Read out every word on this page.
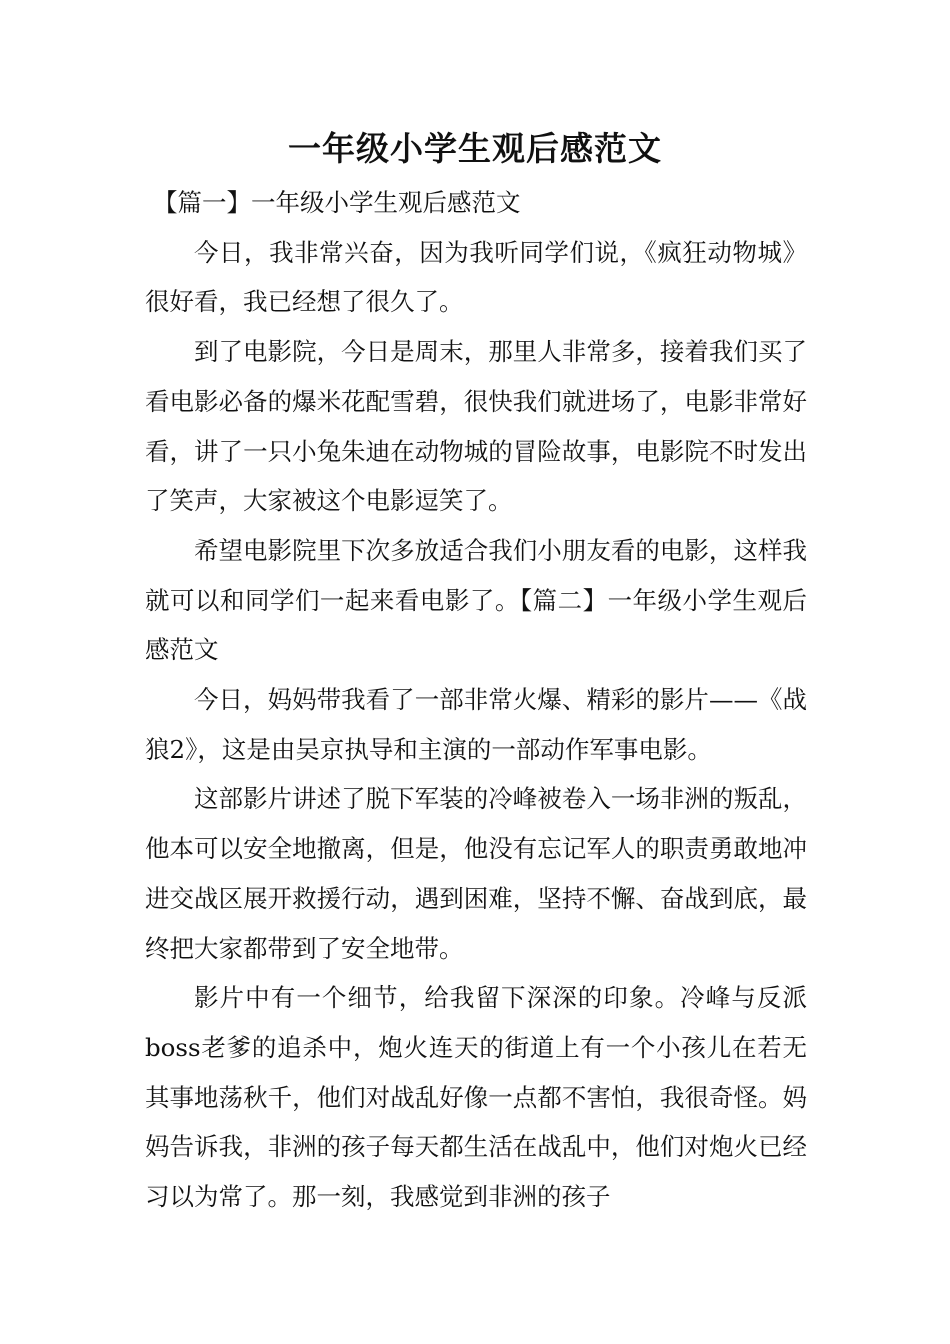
一年级小学生观后感范文

【篇一】一年级小学生观后感范文

今日，我非常兴奋，因为我听同学们说，《疯狂动物城》很好看，我已经想了很久了。

到了电影院，今日是周末，那里人非常多，接着我们买了看电影必备的爆米花配雪碧，很快我们就进场了，电影非常好看，讲了一只小兔朱迪在动物城的冒险故事，电影院不时发出了笑声，大家被这个电影逗笑了。

希望电影院里下次多放适合我们小朋友看的电影，这样我就可以和同学们一起来看电影了。【篇二】一年级小学生观后感范文

今日，妈妈带我看了一部非常火爆、精彩的影片——《战狼2》，这是由吴京执导和主演的一部动作军事电影。

这部影片讲述了脱下军装的冷峰被卷入一场非洲的叛乱，他本可以安全地撤离，但是，他没有忘记军人的职责勇敢地冲进交战区展开救援行动，遇到困难，坚持不懈、奋战到底，最终把大家都带到了安全地带。

影片中有一个细节，给我留下深深的印象。冷峰与反派boss老爹的追杀中，炮火连天的街道上有一个小孩儿在若无其事地荡秋千，他们对战乱好像一点都不害怕，我很奇怪。妈妈告诉我，非洲的孩子每天都生活在战乱中，他们对炮火已经习以为常了。那一刻，我感觉到非洲的孩子
